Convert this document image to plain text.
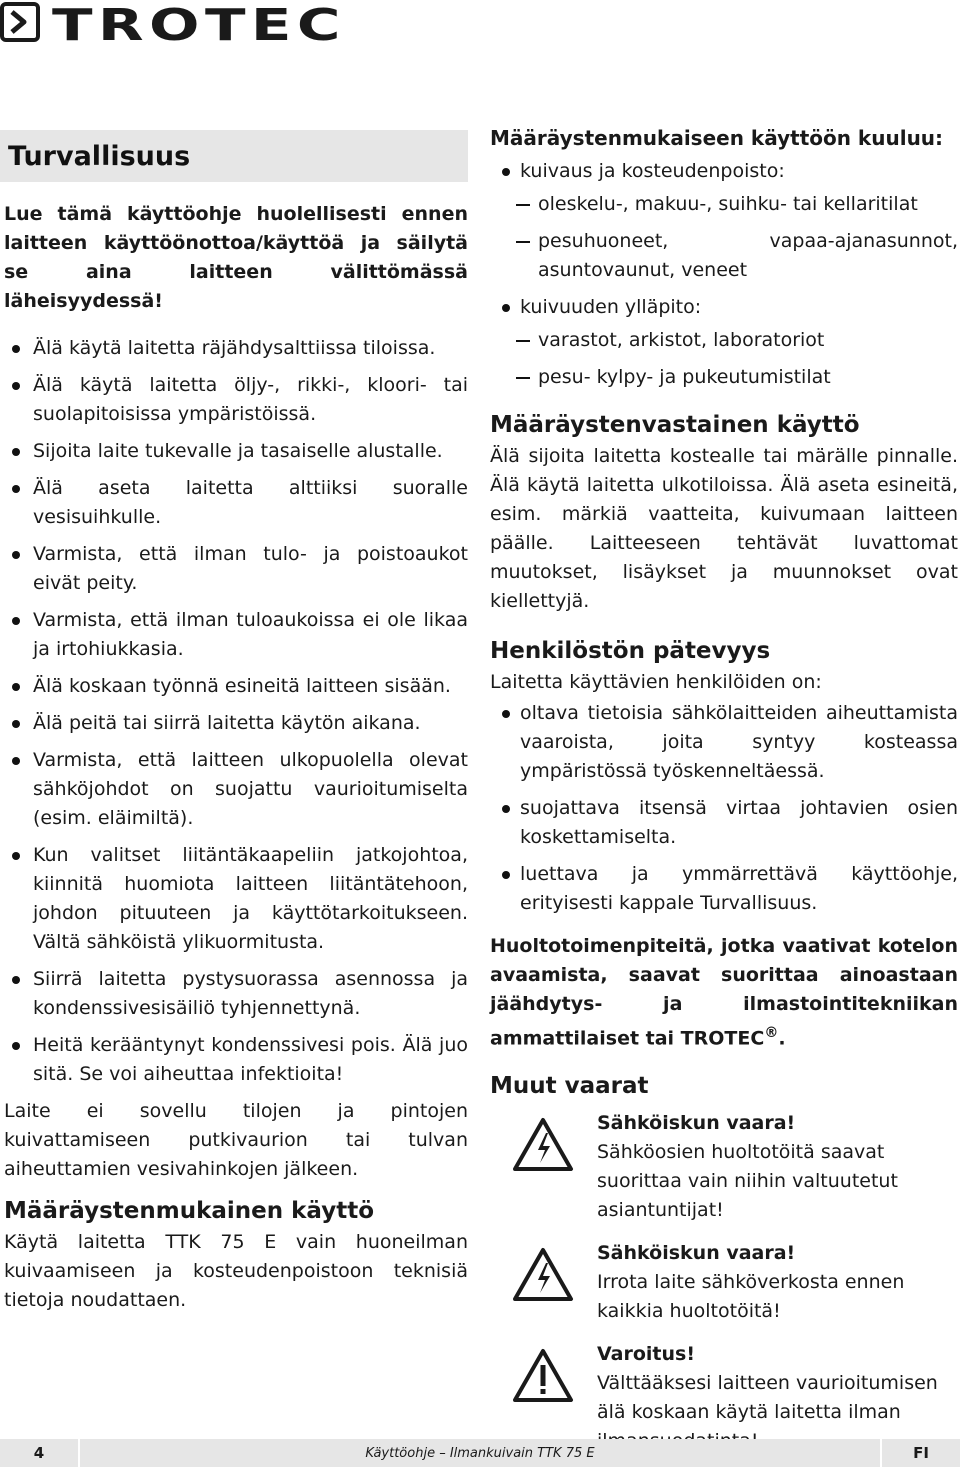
TROTEC
Turvallisuus

Lue tämä käyttöohje huolellisesti ennen laitteen käyttöönottoa/käyttöä ja säilytä se aina laitteen välittömässä läheisyydessä!

Älä käytä laitetta räjähdysalttiissa tiloissa.
Älä käytä laitetta öljy-, rikki-, kloori- tai suolapitoisissa ympäristöissä.
Sijoita laite tukevalle ja tasaiselle alustalle.
Älä aseta laitetta alttiiksi suoralle vesisuihkulle.
Varmista, että ilman tulo- ja poistoaukot eivät peity.
Varmista, että ilman tuloaukoissa ei ole likaa ja irtohiukkasia.
Älä koskaan työnnä esineitä laitteen sisään.
Älä peitä tai siirrä laitetta käytön aikana.
Varmista, että laitteen ulkopuolella olevat sähköjohdot on suojattu vaurioitumiselta (esim. eläimiltä).
Kun valitset liitäntäkaapeliin jatkojohtoa, kiinnitä huomiota laitteen liitäntätehoon, johdon pituuteen ja käyttötarkoitukseen. Vältä sähköistä ylikuormitusta.
Siirrä laitetta pystysuorassa asennossa ja kondenssivesisäiliö tyhjennettynä.
Heitä kerääntynyt kondenssivesi pois. Älä juo sitä. Se voi aiheuttaa infektioita!

Laite ei sovellu tilojen ja pintojen kuivattamiseen putkivaurion tai tulvan aiheuttamien vesivahinkojen jälkeen.

Määräystenmukainen käyttö

Käytä laitetta TTK 75 E vain huoneilman kuivaamiseen ja kosteudenpoistoon teknisiä tietoja noudattaen.

Määräystenmukaiseen käyttöön kuuluu:

kuivaus ja kosteudenpoisto:
oleskelu-, makuu-, suihku- tai kellaritilat
pesuhuoneet, vapaa-ajanasunnot, asuntovaunut, veneet
kuivuuden ylläpito:
varastot, arkistot, laboratoriot
pesu- kylpy- ja pukeutumistilat
Määräystenvastainen käyttö

Älä sijoita laitetta kostealle tai märälle pinnalle. Älä käytä laitetta ulkotiloissa. Älä aseta esineitä, esim. märkiä vaatteita, kuivumaan laitteen päälle. Laitteeseen tehtävät luvattomat muutokset, lisäykset ja muunnokset ovat kiellettyjä.

Henkilöstön pätevyys

Laitetta käyttävien henkilöiden on:

oltava tietoisia sähkölaitteiden aiheuttamista vaaroista, joita syntyy kosteassa ympäristössä työskenneltäessä.
suojattava itsensä virtaa johtavien osien koskettamiselta.
luettava ja ymmärrettävä käyttöohje, erityisesti kappale Turvallisuus.

Huoltotoimenpiteitä, jotka vaativat kotelon avaamista, saavat suorittaa ainoastaan jäähdytys- ja ilmastointitekniikan ammattilaiset tai TROTEC®.

Muut vaarat

Sähköiskun vaara!

Sähköosien huoltotöitä saavat suorittaa vain niihin valtuutetut asiantuntijat!

Sähköiskun vaara!

Irrota laite sähköverkosta ennen kaikkia huoltotöitä!

Varoitus!

Välttääksesi laitteen vaurioitumisen älä koskaan käytä laitetta ilman

4	Käyttöohje – Ilmankuivain TTK 75 E	FI
